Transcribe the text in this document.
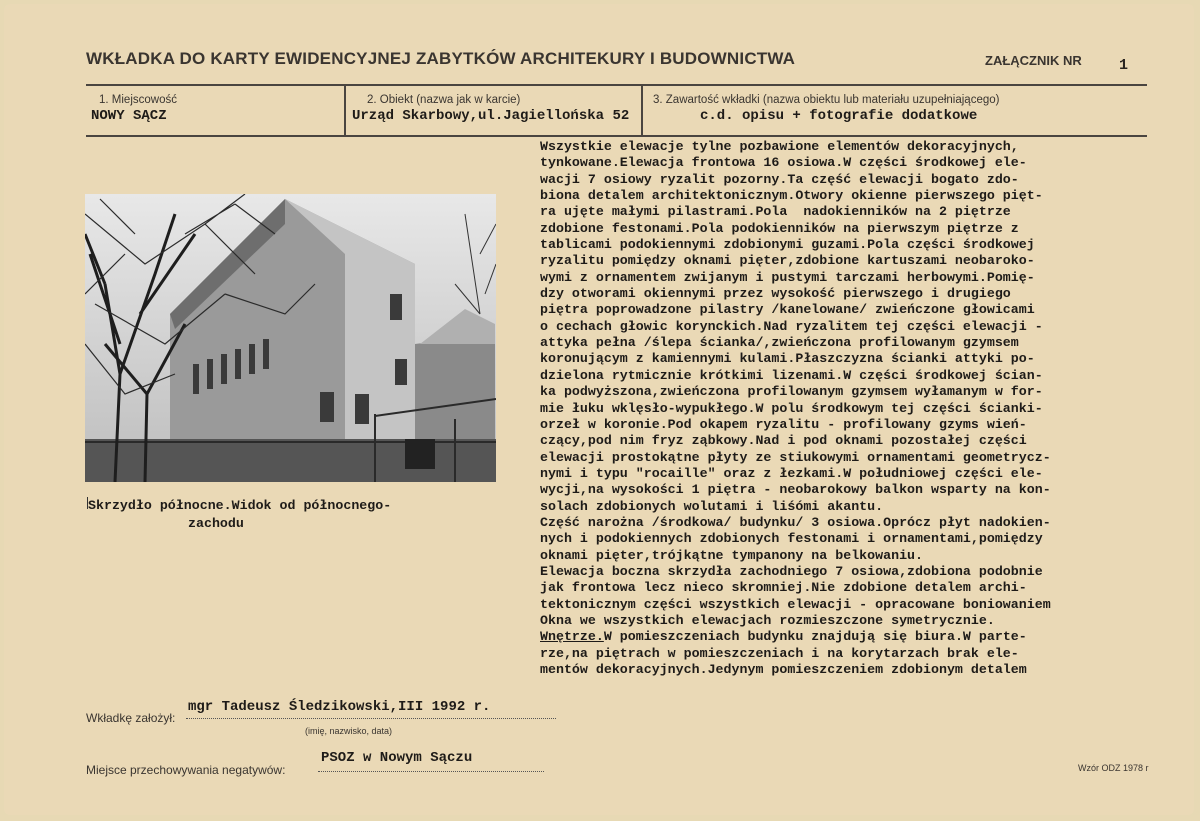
WKŁADKA DO KARTY EWIDENCYJNEJ ZABYTKÓW ARCHITEKURY I BUDOWNICTWA	ZAŁĄCZNIK NR 1
1. Miejscowość
NOWY SĄCZ
2. Obiekt (nazwa jak w karcie)
Urząd Skarbowy,ul.Jagiellońska 52
3. Zawartość wkładki (nazwa obiektu lub materiału uzupełniającego)
c.d. opisu + fotografie dodatkowe
Skrzydło północne.Widok od północnego-
zachodu
Wszystkie elewacje tylne pozbawione elementów dekoracyjnych,
tynkowane.Elewacja frontowa 16 osiowa.W części środkowej ele-
wacji 7 osiowy ryzalit pozorny.Ta część elewacji bogato zdo-
biona detalem architektonicznym.Otwory okienne pierwszego pięt-
ra ujęte małymi pilastrami.Pola  nadokienników na 2 piętrze
zdobione festonami.Pola podokienników na pierwszym piętrze z
tablicami podokiennymi zdobionymi guzami.Pola części środkowej
ryzalitu pomiędzy oknami pięter,zdobione kartuszami neobaroko-
wymi z ornamentem zwijanym i pustymi tarczami herbowymi.Pomię-
dzy otworami okiennymi przez wysokość pierwszego i drugiego
piętra poprowadzone pilastry /kanelowane/ zwieńczone głowicami
o cechach głowic korynckich.Nad ryzalitem tej części elewacji -
attyka pełna /ślepa ścianka/,zwieńczona profilowanym gzymsem
koronującym z kamiennymi kulami.Płaszczyzna ścianki attyki po-
dzielona rytmicznie krótkimi lizenami.W części środkowej ścian-
ka podwyższona,zwieńczona profilowanym gzymsem wyłamanym w for-
mie łuku wklęsło-wypukłego.W polu środkowym tej części ścianki-
orzeł w koronie.Pod okapem ryzalitu - profilowany gzyms wień-
czący,pod nim fryz ząbkowy.Nad i pod oknami pozostałej części
elewacji prostokątne płyty ze stiukowymi ornamentami geometrycz-
nymi i typu "rocaille" oraz z łezkami.W południowej części ele-
wycji,na wysokości 1 piętra - neobarokowy balkon wsparty na kon-
solach zdobionych wolutami i liśómi akantu.
Część narożna /środkowa/ budynku/ 3 osiowa.Oprócz płyt nadokien-
nych i podokiennych zdobionych festonami i ornamentami,pomiędzy
oknami pięter,trójkątne tympanony na belkowaniu.
Elewacja boczna skrzydła zachodniego 7 osiowa,zdobiona podobnie
jak frontowa lecz nieco skromniej.Nie zdobione detalem archi-
tektonicznym części wszystkich elewacji - opracowane boniowaniem
Okna we wszystkich elewacjach rozmieszczone symetrycznie.
Wnętrze.W pomieszczeniach budynku znajdują się biura.W parte-
rze,na piętrach w pomieszczeniach i na korytarzach brak ele-
mentów dekoracyjnych.Jedynym pomieszczeniem zdobionym detalem
Wkładkę założył:
mgr Tadeusz Śledzikowski,III 1992 r.
(imię, nazwisko, data)
Miejsce przechowywania negatywów:
PSOZ w Nowym Sączu
Wzór ODZ 1978 r
